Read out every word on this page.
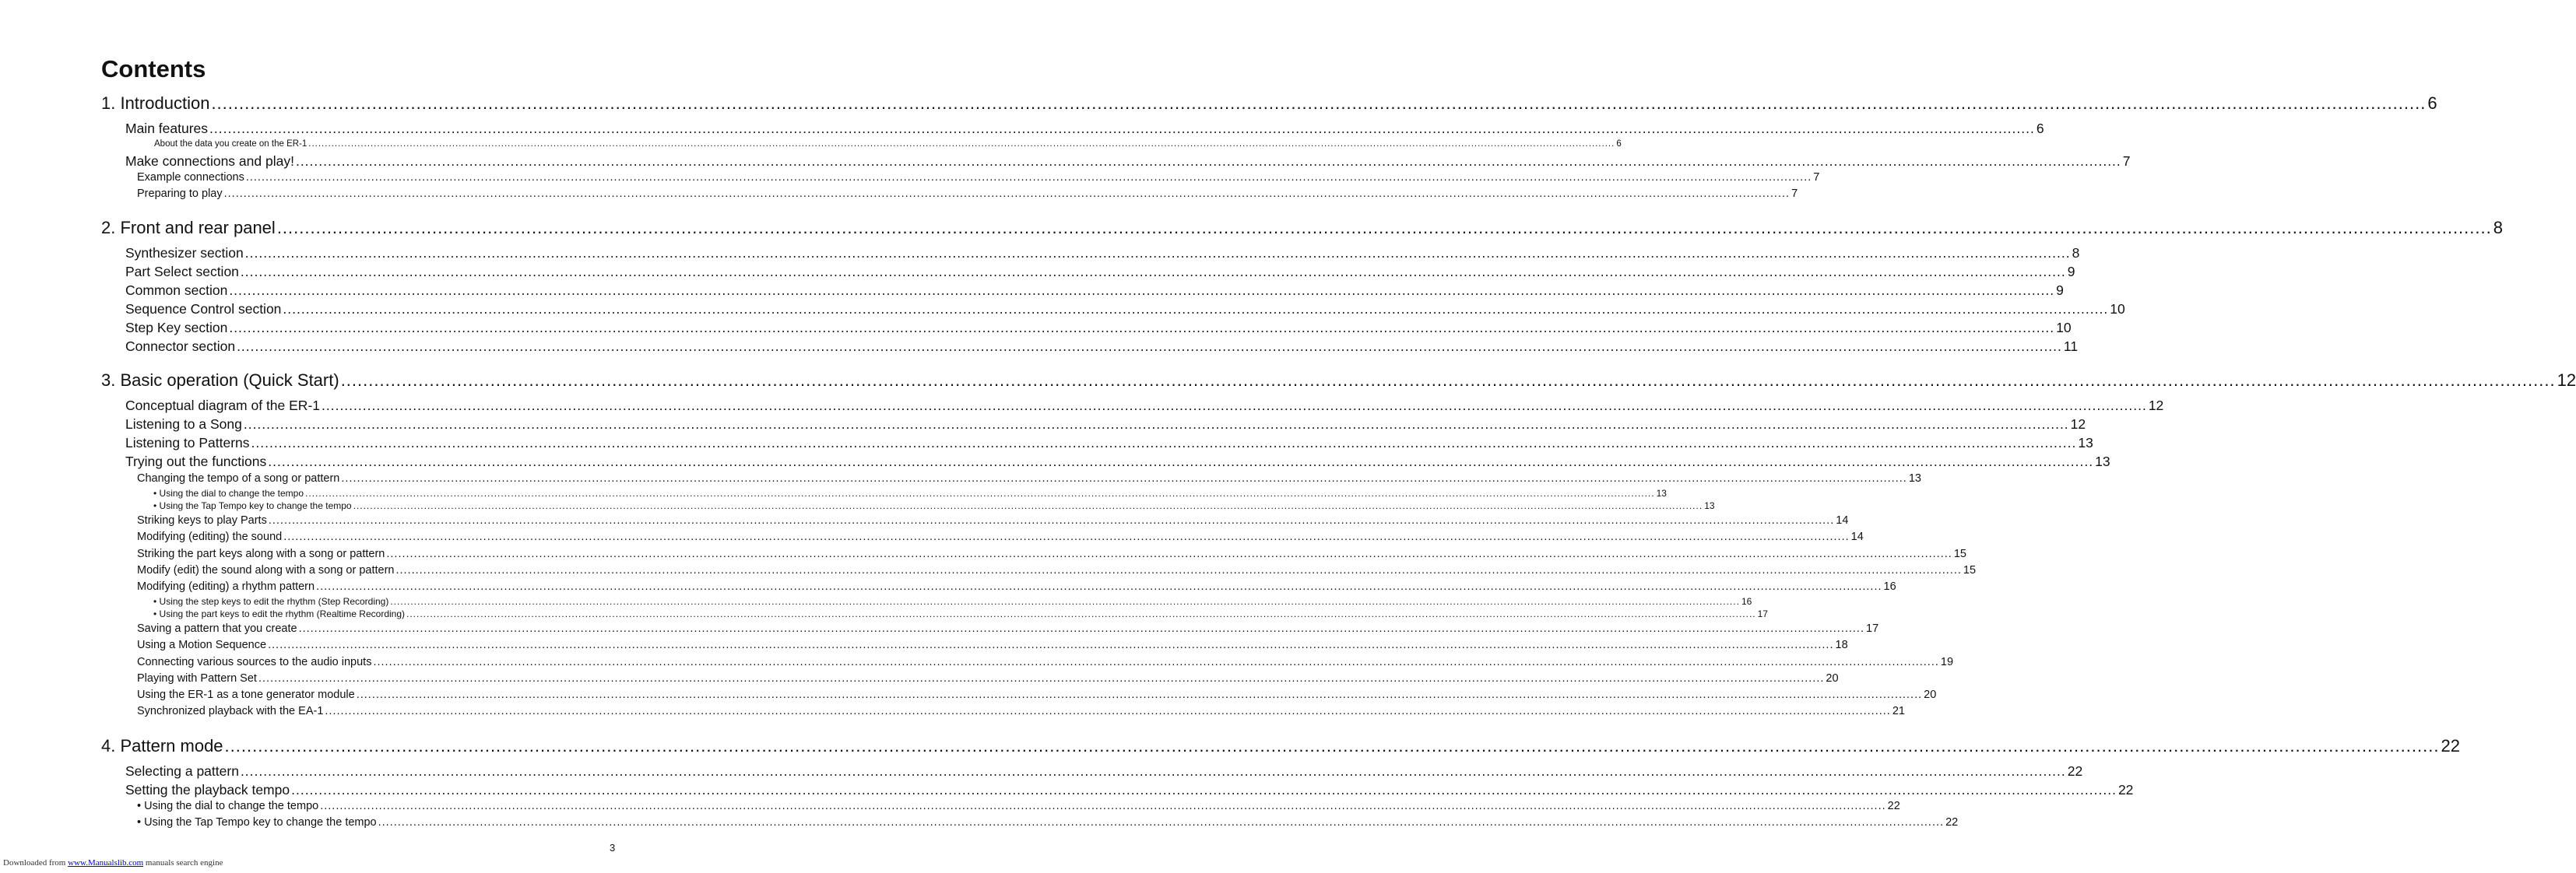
Contents
1. Introduction ................................................................................................................................................................................................................................................................................................................................................................................................................ 6
Main features ................................................................................................................................................................................................................................................................................................................................................................................................................ 6
About the data you create on the ER-1 ................................................................................................................................................................................................................................................................................................................................................................................................................ 6
Make connections and play! ................................................................................................................................................................................................................................................................................................................................................................................................................ 7
Example connections ................................................................................................................................................................................................................................................................................................................................................................................................................ 7
Preparing to play ................................................................................................................................................................................................................................................................................................................................................................................................................ 7
2. Front and rear panel ................................................................................................................................................................................................................................................................................................................................................................................................................ 8
Synthesizer section ................................................................................................................................................................................................................................................................................................................................................................................................................ 8
Part Select section ................................................................................................................................................................................................................................................................................................................................................................................................................ 9
Common section ................................................................................................................................................................................................................................................................................................................................................................................................................ 9
Sequence Control section ................................................................................................................................................................................................................................................................................................................................................................................................................ 10
Step Key section ................................................................................................................................................................................................................................................................................................................................................................................................................ 10
Connector section ................................................................................................................................................................................................................................................................................................................................................................................................................ 11
3. Basic operation (Quick Start) ................................................................................................................................................................................................................................................................................................................................................................................................................ 12
Conceptual diagram of the ER-1 ................................................................................................................................................................................................................................................................................................................................................................................................................ 12
Listening to a Song ................................................................................................................................................................................................................................................................................................................................................................................................................ 12
Listening to Patterns ................................................................................................................................................................................................................................................................................................................................................................................................................ 13
Trying out the functions ................................................................................................................................................................................................................................................................................................................................................................................................................ 13
Changing the tempo of a song or pattern ................................................................................................................................................................................................................................................................................................................................................................................................................ 13
• Using the dial to change the tempo ................................................................................................................................................................................................................................................................................................................................................................................................................ 13
• Using the Tap Tempo key to change the tempo ................................................................................................................................................................................................................................................................................................................................................................................................................ 13
Striking keys to play Parts ................................................................................................................................................................................................................................................................................................................................................................................................................ 14
Modifying (editing) the sound ................................................................................................................................................................................................................................................................................................................................................................................................................ 14
Striking the part keys along with a song or pattern ................................................................................................................................................................................................................................................................................................................................................................................................................ 15
Modify (edit) the sound along with a song or pattern ................................................................................................................................................................................................................................................................................................................................................................................................................ 15
Modifying (editing) a rhythm pattern ................................................................................................................................................................................................................................................................................................................................................................................................................ 16
• Using the step keys to edit the rhythm (Step Recording) ................................................................................................................................................................................................................................................................................................................................................................................................................ 16
• Using the part keys to edit the rhythm (Realtime Recording) ................................................................................................................................................................................................................................................................................................................................................................................................................ 17
Saving a pattern that you create ................................................................................................................................................................................................................................................................................................................................................................................................................ 17
Using a Motion Sequence ................................................................................................................................................................................................................................................................................................................................................................................................................ 18
Connecting various sources to the audio inputs ................................................................................................................................................................................................................................................................................................................................................................................................................ 19
Playing with Pattern Set ................................................................................................................................................................................................................................................................................................................................................................................................................ 20
Using the ER-1 as a tone generator module ................................................................................................................................................................................................................................................................................................................................................................................................................ 20
Synchronized playback with the EA-1 ................................................................................................................................................................................................................................................................................................................................................................................................................ 21
4. Pattern mode ................................................................................................................................................................................................................................................................................................................................................................................................................ 22
Selecting a pattern ................................................................................................................................................................................................................................................................................................................................................................................................................ 22
Setting the playback tempo ................................................................................................................................................................................................................................................................................................................................................................................................................ 22
• Using the dial to change the tempo ................................................................................................................................................................................................................................................................................................................................................................................................................ 22
• Using the Tap Tempo key to change the tempo ................................................................................................................................................................................................................................................................................................................................................................................................................ 22
3
Downloaded from www.Manualslib.com manuals search engine
